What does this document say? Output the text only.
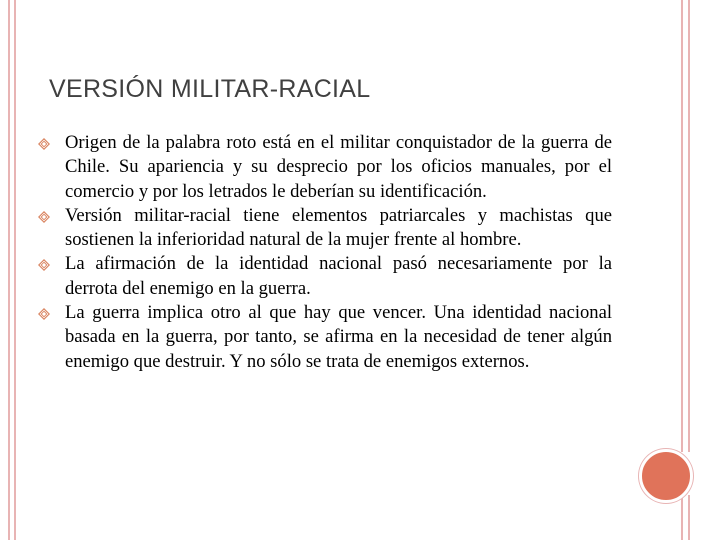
VERSIÓN MILITAR-RACIAL
Origen de la palabra roto está en el militar conquistador de la guerra de Chile. Su apariencia y su desprecio por los oficios manuales, por el comercio y por los letrados le deberían su identificación.
Versión militar-racial tiene elementos patriarcales y machistas que sostienen la inferioridad natural de la mujer frente al hombre.
La afirmación de la identidad nacional pasó necesariamente por la derrota del enemigo en la guerra.
La guerra implica otro al que hay que vencer. Una identidad nacional basada en la guerra, por tanto, se afirma en la necesidad de tener algún enemigo que destruir. Y no sólo se trata de enemigos externos.
